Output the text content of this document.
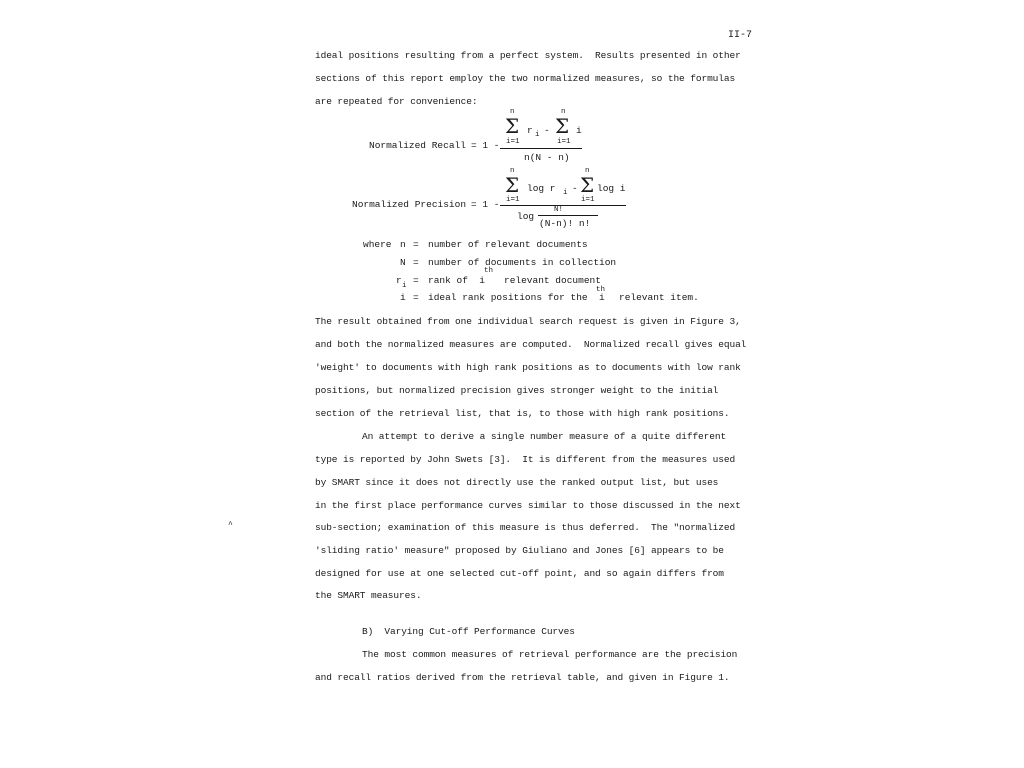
II-7
ideal positions resulting from a perfect system.  Results presented in other
sections of this report employ the two normalized measures, so the formulas
are repeated for convenience:
Normalized Recall = 1 -
n
Σ
i=1
r i -
n
Σ
i=1
i
n(N - n)
Normalized Precision = 1 -
n
Σ
i=1
log r i -
n
Σ
i=1
log i
log
N!
(N-n)! n!
where n = number of relevant documents
N = number of documents in collection
r i = rank of  i
th
relevant document
i = ideal rank positions for the  i
th
relevant item.
The result obtained from one individual search request is given in Figure 3,
and both the normalized measures are computed.  Normalized recall gives equal
'weight' to documents with high rank positions as to documents with low rank
positions, but normalized precision gives stronger weight to the initial
section of the retrieval list, that is, to those with high rank positions.
An attempt to derive a single number measure of a quite different
type is reported by John Swets [3].  It is different from the measures used
by SMART since it does not directly use the ranked output list, but uses
in the first place performance curves similar to those discussed in the next
sub-section; examination of this measure is thus deferred.  The "normalized
'sliding ratio' measure" proposed by Giuliano and Jones [6] appears to be
designed for use at one selected cut-off point, and so again differs from
the SMART measures.
^
B)  Varying Cut-off Performance Curves
The most common measures of retrieval performance are the precision
and recall ratios derived from the retrieval table, and given in Figure 1.
